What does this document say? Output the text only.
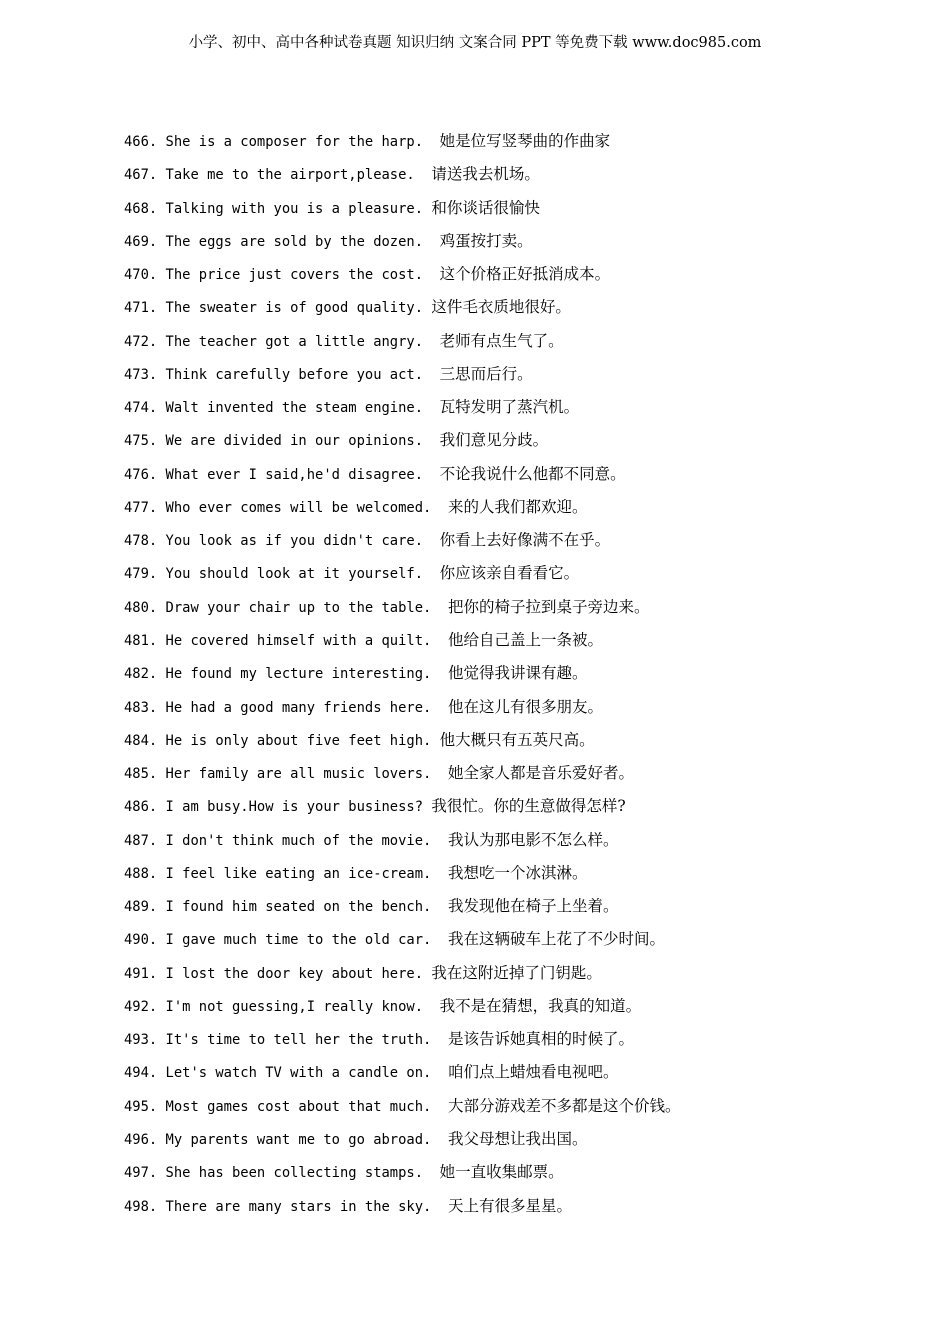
小学、初中、高中各种试卷真题 知识归纳 文案合同 PPT 等免费下载 www.doc985.com
466. She is a composer for the harp.  她是位写竖琴曲的作曲家
467. Take me to the airport,please.  请送我去机场。
468. Talking with you is a pleasure. 和你谈话很愉快
469. The eggs are sold by the dozen.  鸡蛋按打卖。
470. The price just covers the cost.  这个价格正好抵消成本。
471. The sweater is of good quality. 这件毛衣质地很好。
472. The teacher got a little angry.  老师有点生气了。
473. Think carefully before you act.  三思而后行。
474. Walt invented the steam engine.  瓦特发明了蒸汽机。
475. We are divided in our opinions.  我们意见分歧。
476. What ever I said,he'd disagree.  不论我说什么他都不同意。
477. Who ever comes will be welcomed.  来的人我们都欢迎。
478. You look as if you didn't care.  你看上去好像满不在乎。
479. You should look at it yourself.  你应该亲自看看它。
480. Draw your chair up to the table.  把你的椅子拉到桌子旁边来。
481. He covered himself with a quilt.  他给自己盖上一条被。
482. He found my lecture interesting.  他觉得我讲课有趣。
483. He had a good many friends here.  他在这儿有很多朋友。
484. He is only about five feet high. 他大概只有五英尺高。
485. Her family are all music lovers.  她全家人都是音乐爱好者。
486. I am busy.How is your business? 我很忙。你的生意做得怎样?
487. I don't think much of the movie.  我认为那电影不怎么样。
488. I feel like eating an ice-cream.  我想吃一个冰淇淋。
489. I found him seated on the bench.  我发现他在椅子上坐着。
490. I gave much time to the old car.  我在这辆破车上花了不少时间。
491. I lost the door key about here. 我在这附近掉了门钥匙。
492. I'm not guessing,I really know.  我不是在猜想，我真的知道。
493. It's time to tell her the truth.  是该告诉她真相的时候了。
494. Let's watch TV with a candle on.  咱们点上蜡烛看电视吧。
495. Most games cost about that much.  大部分游戏差不多都是这个价钱。
496. My parents want me to go abroad.  我父母想让我出国。
497. She has been collecting stamps.  她一直收集邮票。
498. There are many stars in the sky.  天上有很多星星。
